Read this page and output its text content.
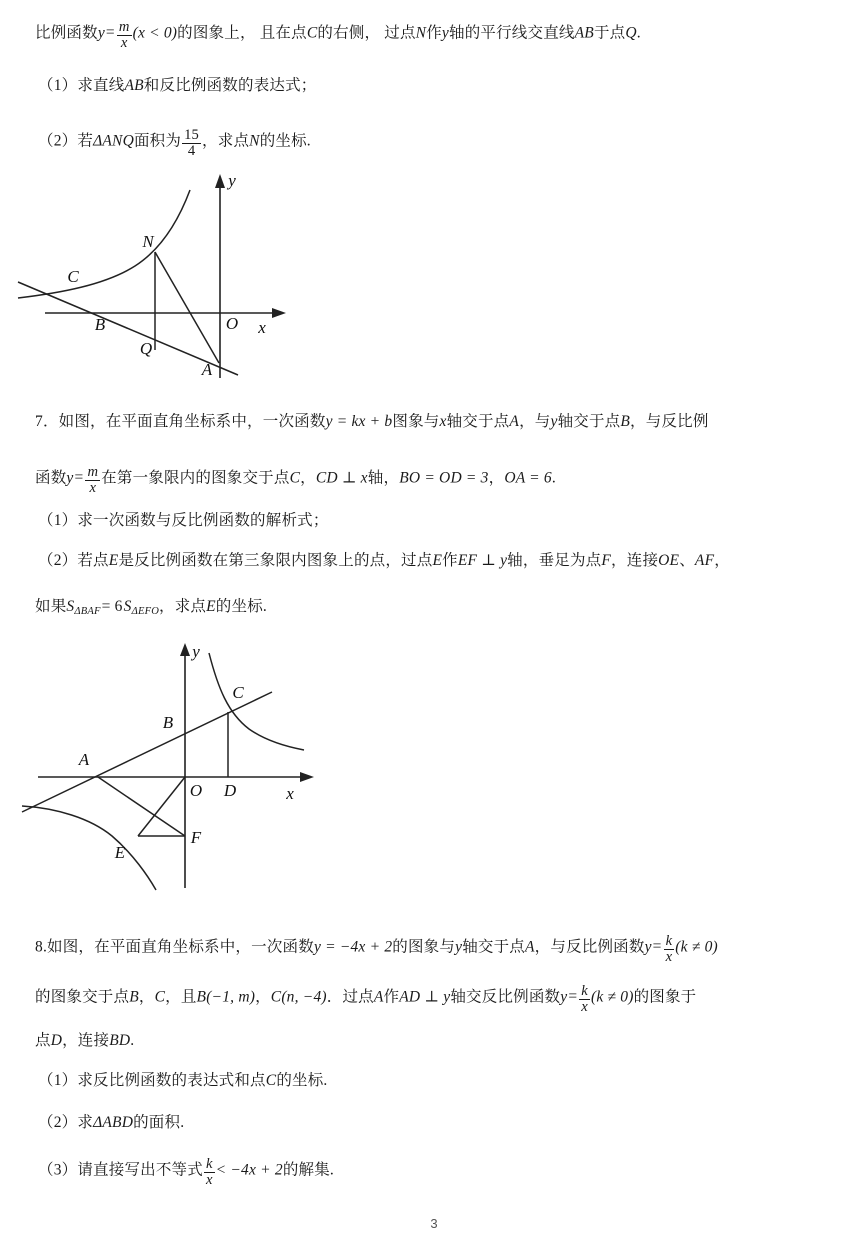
比例函数$y= \frac{m}{x} (x < 0)$的图象上， 且在点C的右侧， 过点N作y轴的平行线交直线AB于点Q.
（1）求直线AB和反比例函数的表达式；
（2）若ΔANQ面积为 $\frac{15}{4}$ ，求点N的坐标.
N
C
B
Q
A
O x
y
7．如图，在平面直角坐标系中，一次函数y = kx + b图象与x轴交于点A，与y轴交于点B，与反比例
函数$y= \frac{m}{x}$ 在第一象限内的图象交于点C，CD ⊥ x轴，BO = OD = 3，OA = 6.
（1）求一次函数与反比例函数的解析式；
（2）若点E是反比例函数在第三象限内图象上的点，过点E作EF ⊥ y轴，垂足为点F，连接OE、AF，
如果$S_{\Delta BAF}= 6S_{\Delta EFO}$，求点E的坐标.
C
B
A
O D
F
E
x
y
8.如图，在平面直角坐标系中，一次函数y = −4x + 2的图象与y轴交于点A，与反比例函数$y= \frac{k}{x} (k \ne 0)$
的图象交于点B，C，且B(−1, m)，C(n, −4)．过点A作AD ⊥ y轴交反比例函数$y= \frac{k}{x} (k \ne 0)$的图象于
点D，连接BD.
（1）求反比例函数的表达式和点C的坐标.
（2）求ΔABD的面积.
（3）请直接写出不等式 $\frac{k}{x} < -4x + 2$的解集.
3
